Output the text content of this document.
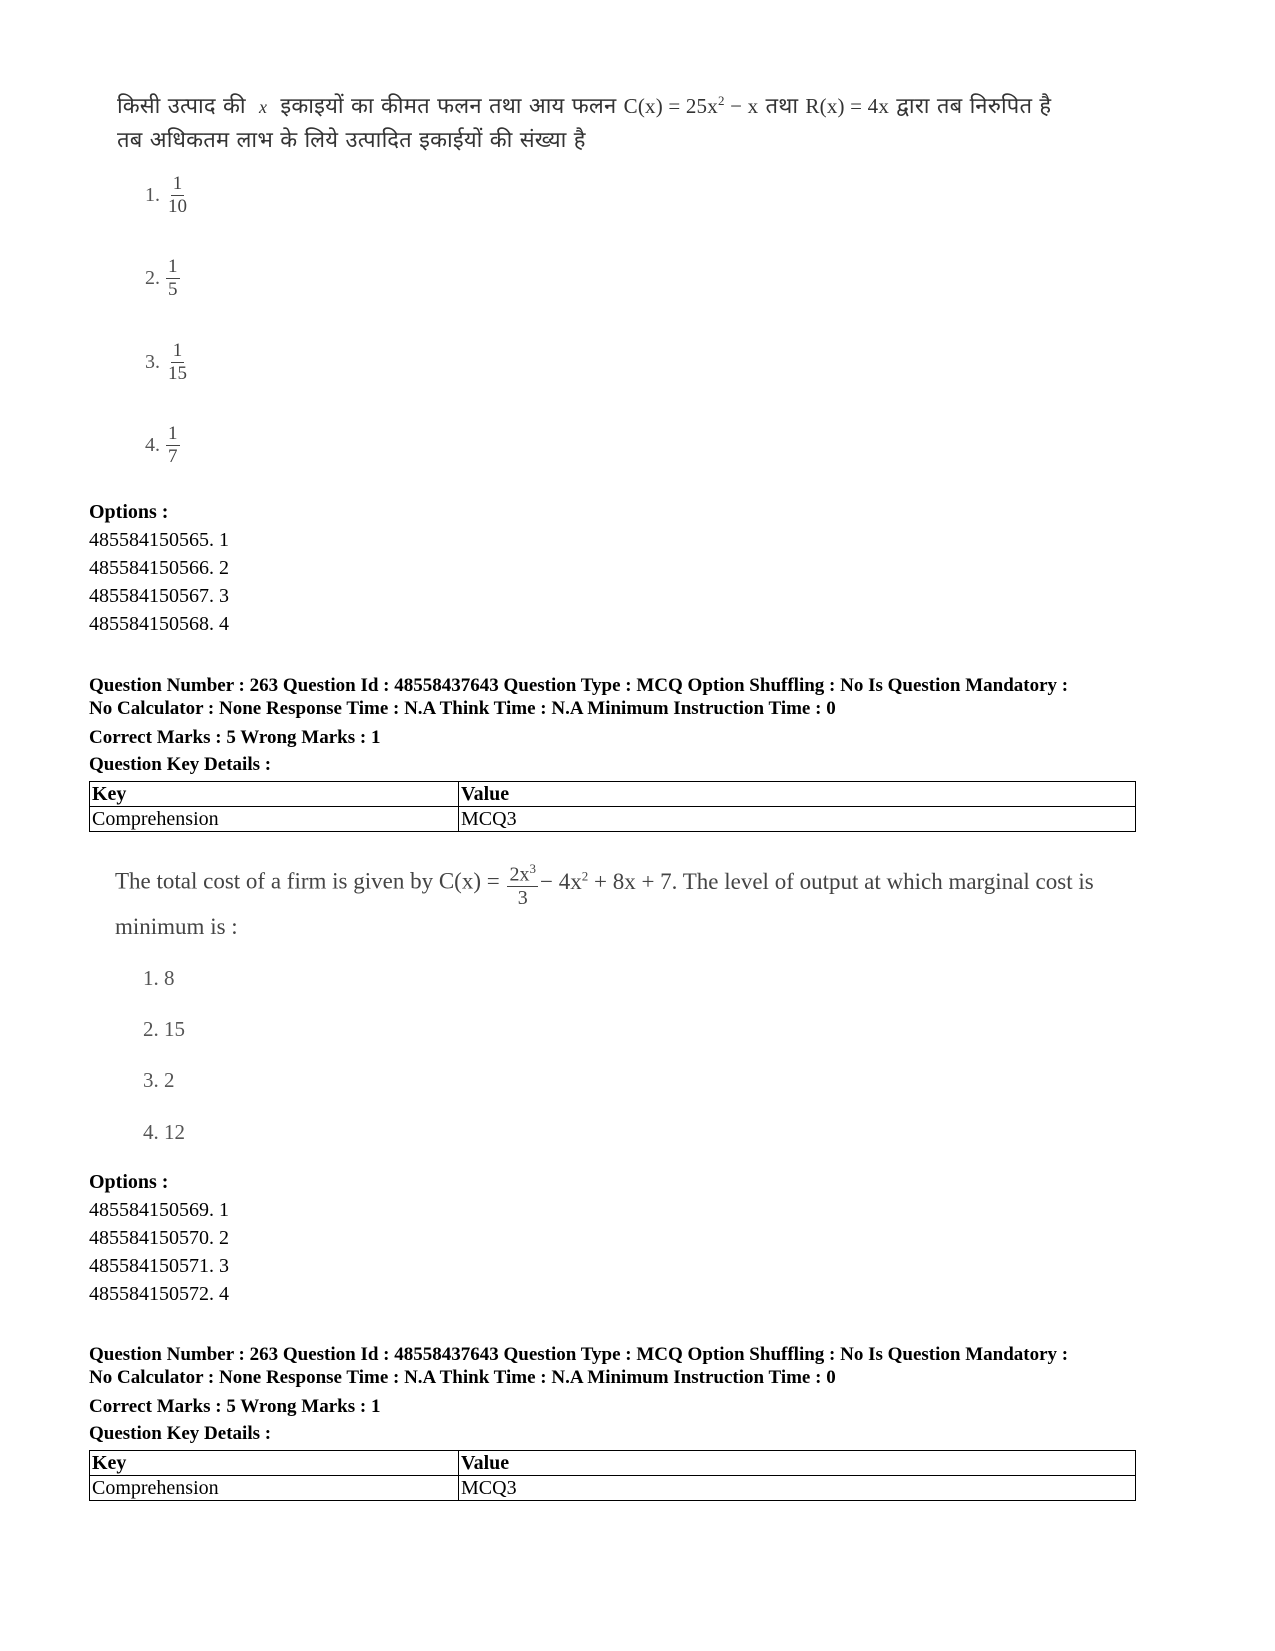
किसी उत्पाद की x इकाइयों का कीमत फलन तथा आय फलन $C(x) = 25x^2 - x$ तथा R(x) = 4x द्वारा तब निरुपित है
तब अधिकतम लाभ के लिये उत्पादित इकाईयों की संख्या है
1. $\frac{1}{10}$
2. $\frac{1}{5}$
3. $\frac{1}{15}$
4. $\frac{1}{7}$
Options :
485584150565. 1
485584150566. 2
485584150567. 3
485584150568. 4
Question Number : 263 Question Id : 48558437643 Question Type : MCQ Option Shuffling : No Is Question Mandatory :
No Calculator : None Response Time : N.A Think Time : N.A Minimum Instruction Time : 0
Correct Marks : 5 Wrong Marks : 1
Question Key Details :
Key	Value
Comprehension	MCQ3
The total cost of a firm is given by $C(x) = \frac{2x^3}{3} - 4x^2 + 8x + 7$. The level of output at which marginal cost is
minimum is :
1. 8
2. 15
3. 2
4. 12
Options :
485584150569. 1
485584150570. 2
485584150571. 3
485584150572. 4
Question Number : 263 Question Id : 48558437643 Question Type : MCQ Option Shuffling : No Is Question Mandatory :
No Calculator : None Response Time : N.A Think Time : N.A Minimum Instruction Time : 0
Correct Marks : 5 Wrong Marks : 1
Question Key Details :
Key	Value
Comprehension	MCQ3
